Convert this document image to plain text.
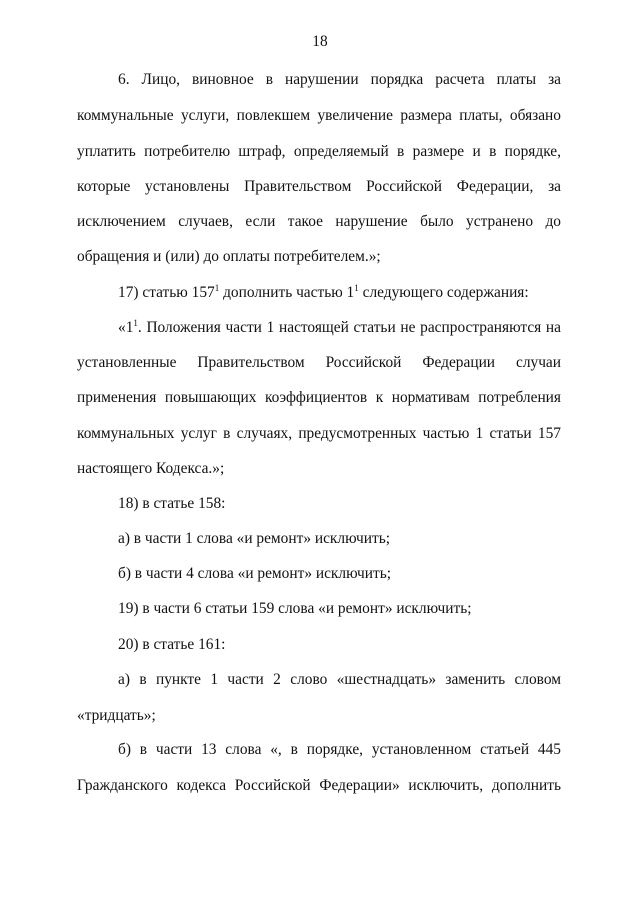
18
6. Лицо, виновное в нарушении порядка расчета платы за
коммунальные услуги, повлекшем увеличение размера платы, обязано
уплатить потребителю штраф, определяемый в размере и в порядке,
которые установлены Правительством Российской Федерации, за
исключением случаев, если такое нарушение было устранено до
обращения и (или) до оплаты потребителем.»;
17) статью $157^1$ дополнить частью $1^1$ следующего содержания:
«$1^1$. Положения части 1 настоящей статьи не распространяются на
установленные Правительством Российской Федерации случаи
применения повышающих коэффициентов к нормативам потребления
коммунальных услуг в случаях, предусмотренных частью 1 статьи 157
настоящего Кодекса.»;
18) в статье 158:
а) в части 1 слова «и ремонт» исключить;
б) в части 4 слова «и ремонт» исключить;
19) в части 6 статьи 159 слова «и ремонт» исключить;
20) в статье 161:
а) в пункте 1 части 2 слово «шестнадцать» заменить словом
«тридцать»;
б) в части 13 слова «, в порядке, установленном статьей 445
Гражданского кодекса Российской Федерации» исключить, дополнить
